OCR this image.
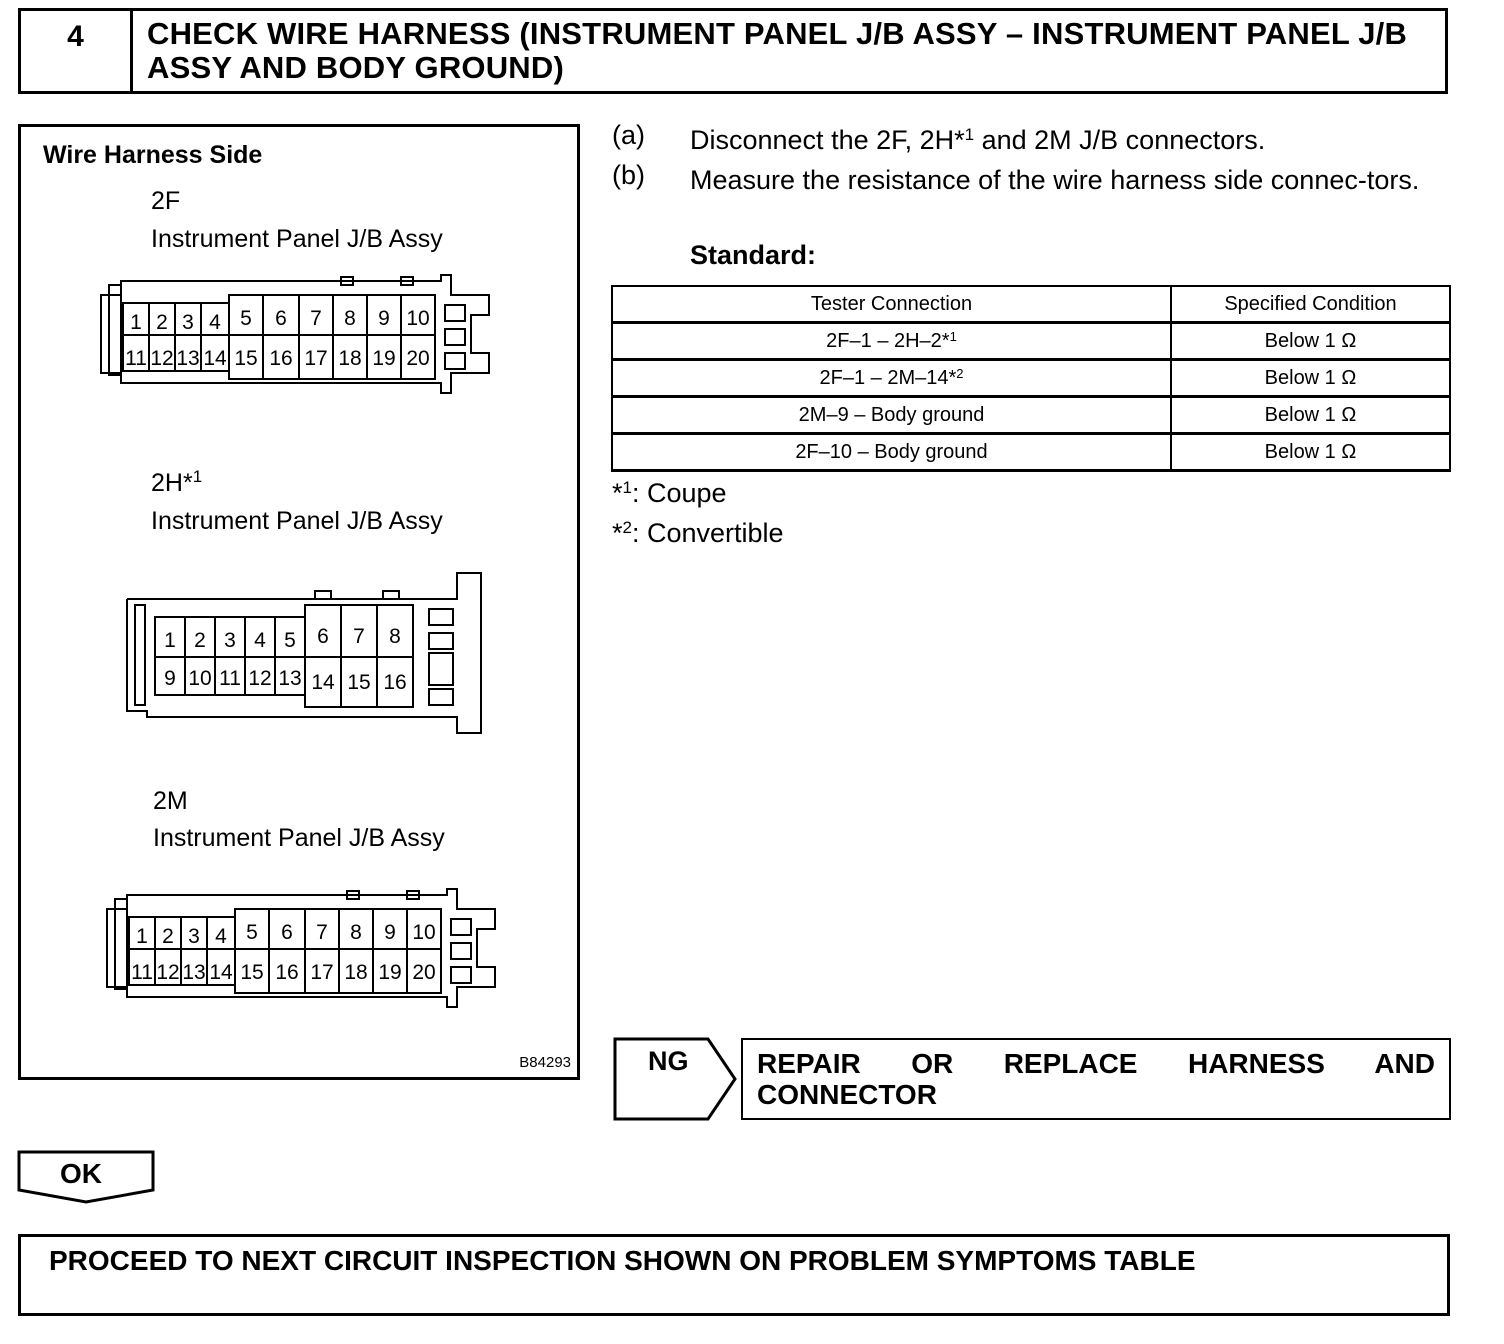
4	CHECK WIRE HARNESS (INSTRUMENT PANEL J/B ASSY – INSTRUMENT PANEL J/B ASSY AND BODY GROUND)
Wire Harness Side
2F
Instrument Panel J/B Assy
1 2 3 4 5 6 7 8 9 10
11 12 13 14 15 16 17 18 19 20
2H*$^1$
Instrument Panel J/B Assy
1 2 3 4 5 6 7 8
9 10 11 12 13 14 15 16
2M
Instrument Panel J/B Assy
1 2 3 4 5 6 7 8 9 10
11 12 13 14 15 16 17 18 19 20
B84293
(a) Disconnect the 2F, 2H*$^1$ and 2M J/B connectors.
(b) Measure the resistance of the wire harness side connec-tors.
Standard:
Tester Connection	Specified Condition
2F–1 – 2H–2*$^1$	Below 1 Ω
2F–1 – 2M–14*$^2$	Below 1 Ω
2M–9 – Body ground	Below 1 Ω
2F–10 – Body ground	Below 1 Ω
*$^1$: Coupe
*$^2$: Convertible
NG REPAIR OR REPLACE HARNESS AND CONNECTOR
OK
PROCEED TO NEXT CIRCUIT INSPECTION SHOWN ON PROBLEM SYMPTOMS TABLE
